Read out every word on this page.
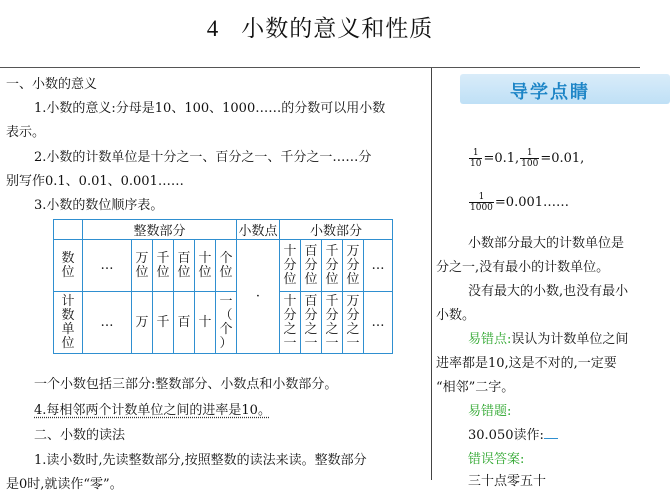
4 小数的意义和性质
一、小数的意义
1.小数的意义:分母是10、100、1000……的分数可以用小数
表示。
2.小数的计数单位是十分之一、百分之一、千分之一……分
别写作0.1、0.01、0.001……
3.小数的数位顺序表。
一个小数包括三部分:整数部分、小数点和小数部分。
4.每相邻两个计数单位之间的进率是10。
二、小数的读法
1.读小数时,先读整数部分,按照整数的读法来读。整数部分
是0时,就读作“零”。
	整数部分						小数点	小数部分				
数位	…	万位	千位	百位	十位	个位	·	十分位	百分位	千分位	万分位	…
计数单位	…	万	千	百	十	一（个）		十分之一	百分之一	千分之一	万分之一	…
导学点睛
$\frac{1}{10} =0.1$, $\frac{1}{100} =0.01$,
$\frac{1}{1000}$ =0.001……
小数部分最大的计数单位是
分之一,没有最小的计数单位。
没有最大的小数,也没有最小
小数。
易错点:误认为计数单位之间
进率都是10,这是不对的,一定要
“相邻”二字。
易错题:
30.050读作:
错误答案:
三十点零五十
